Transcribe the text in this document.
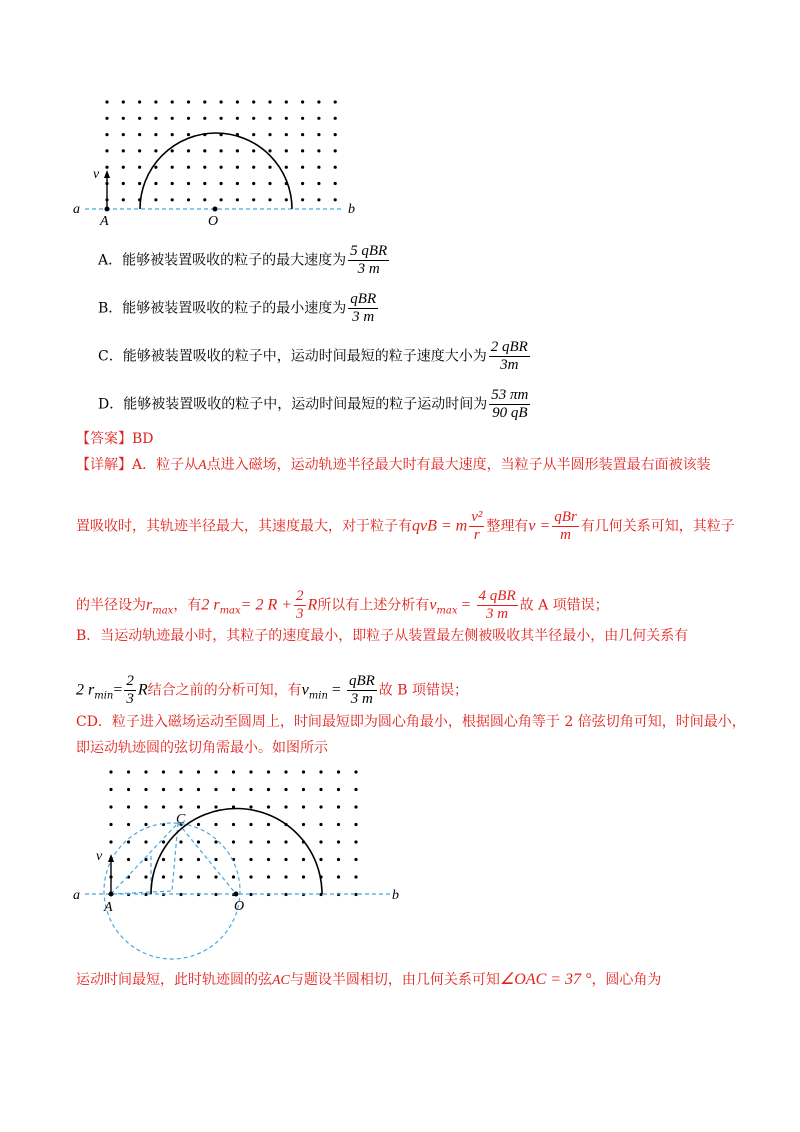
a	b
A	O
v
A．能够被装置吸收的粒子的最大速度为 $\frac{\text{5 qBR}}{3 m}$
B．能够被装置吸收的粒子的最小速度为 $\frac{\text{qBR}}{3 m}$
C．能够被装置吸收的粒子中，运动时间最短的粒子速度大小为 $\frac{\text{2 qBR}}{3m}$
D．能够被装置吸收的粒子中，运动时间最短的粒子运动时间为 $\frac{53 \pi m}{90 qB}$
【答案】BD
【详解】A．粒子从A点进入磁场，运动轨迹半径最大时有最大速度，当粒子从半圆形装置最右面被该装
置吸收时，其轨迹半径最大，其速度最大，对于粒子有qvB = m $\frac{\text{v²}}{r}$ 整理有$v = \frac{\text{qBr}}{m}$ 有几何关系可知，其粒子
的半径设为$r_{max}$，有2 $r_{max}= 2$ $R + \frac{2}{3}$ R所以有上述分析有$v_{max} = \frac{\text{4 qBR}}{3 m}$ 故 A 项错误；
B．当运动轨迹最小时，其粒子的速度最小，即粒子从装置最左侧被吸收其半径最小，由几何关系有
2 $r_{min}= \frac{2}{3}$ R结合之前的分析可知，有$v_{min} = \frac{\text{qBR}}{3 m}$ 故 B 项错误；
CD．粒子进入磁场运动至圆周上，时间最短即为圆心角最小，根据圆心角等于 2 倍弦切角可知，时间最小，
即运动轨迹圆的弦切角需最小。如图所示
a	b
A	O
v
C
运动时间最短，此时轨迹圆的弦AC与题设半圆相切，由几何关系可知∠OAC = 37 °，圆心角为
